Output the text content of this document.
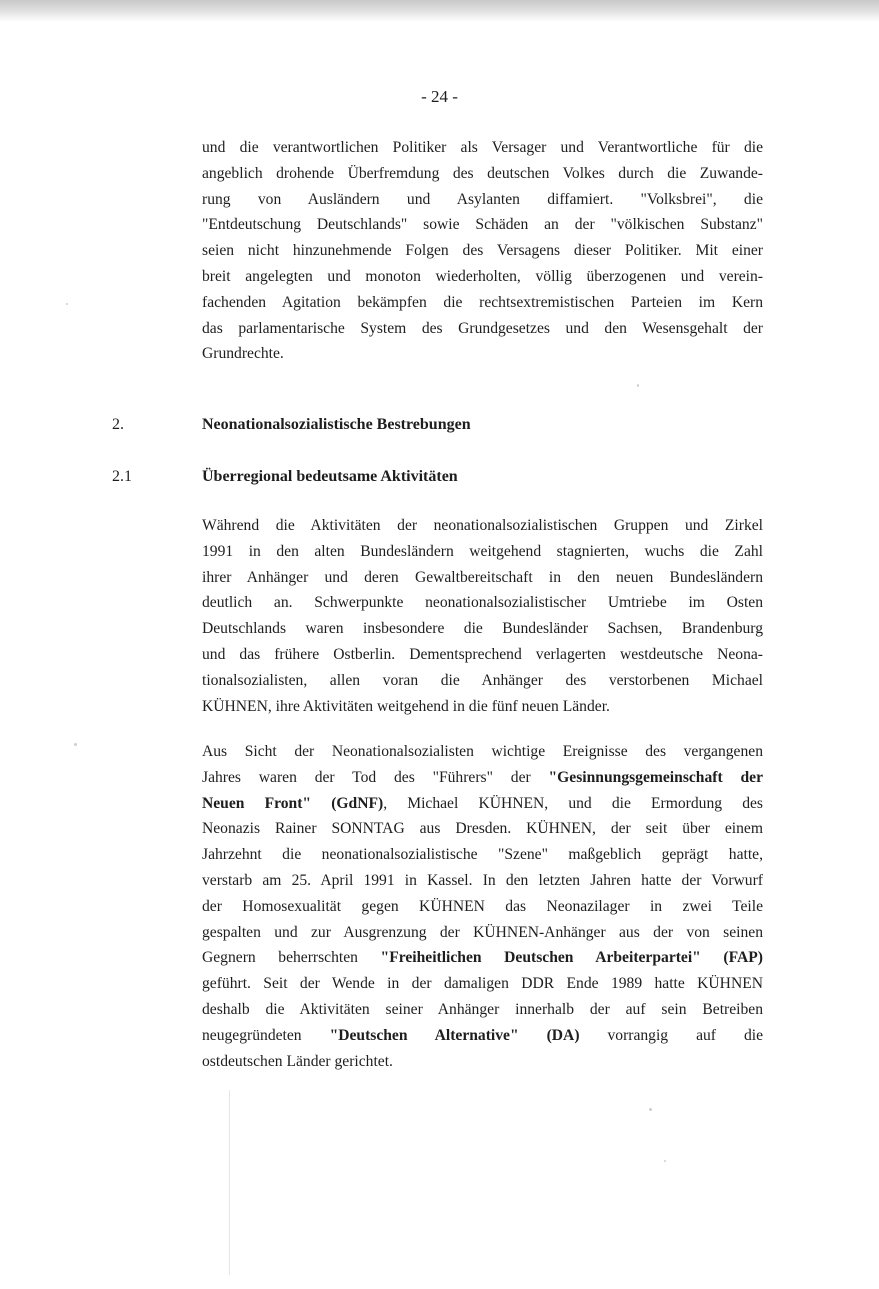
- 24 -
und die verantwortlichen Politiker als Versager und Verantwortliche für die
angeblich drohende Überfremdung des deutschen Volkes durch die Zuwande-
rung von Ausländern und Asylanten diffamiert. "Volksbrei", die
"Entdeutschung Deutschlands" sowie Schäden an der "völkischen Substanz"
seien nicht hinzunehmende Folgen des Versagens dieser Politiker. Mit einer
breit angelegten und monoton wiederholten, völlig überzogenen und verein-
fachenden Agitation bekämpfen die rechtsextremistischen Parteien im Kern
das parlamentarische System des Grundgesetzes und den Wesensgehalt der
Grundrechte.
2.	Neonationalsozialistische Bestrebungen
2.1	Überregional bedeutsame Aktivitäten
Während die Aktivitäten der neonationalsozialistischen Gruppen und Zirkel
1991 in den alten Bundesländern weitgehend stagnierten, wuchs die Zahl
ihrer Anhänger und deren Gewaltbereitschaft in den neuen Bundesländern
deutlich an. Schwerpunkte neonationalsozialistischer Umtriebe im Osten
Deutschlands waren insbesondere die Bundesländer Sachsen, Brandenburg
und das frühere Ostberlin. Dementsprechend verlagerten westdeutsche Neona-
tionalsozialisten, allen voran die Anhänger des verstorbenen Michael
KÜHNEN, ihre Aktivitäten weitgehend in die fünf neuen Länder.
Aus Sicht der Neonationalsozialisten wichtige Ereignisse des vergangenen
Jahres waren der Tod des "Führers" der "Gesinnungsgemeinschaft der
Neuen Front" (GdNF), Michael KÜHNEN, und die Ermordung des
Neonazis Rainer SONNTAG aus Dresden. KÜHNEN, der seit über einem
Jahrzehnt die neonationalsozialistische "Szene" maßgeblich geprägt hatte,
verstarb am 25. April 1991 in Kassel. In den letzten Jahren hatte der Vorwurf
der Homosexualität gegen KÜHNEN das Neonazilager in zwei Teile
gespalten und zur Ausgrenzung der KÜHNEN-Anhänger aus der von seinen
Gegnern beherrschten "Freiheitlichen Deutschen Arbeiterpartei" (FAP)
geführt. Seit der Wende in der damaligen DDR Ende 1989 hatte KÜHNEN
deshalb die Aktivitäten seiner Anhänger innerhalb der auf sein Betreiben
neugegründeten "Deutschen Alternative" (DA) vorrangig auf die
ostdeutschen Länder gerichtet.
